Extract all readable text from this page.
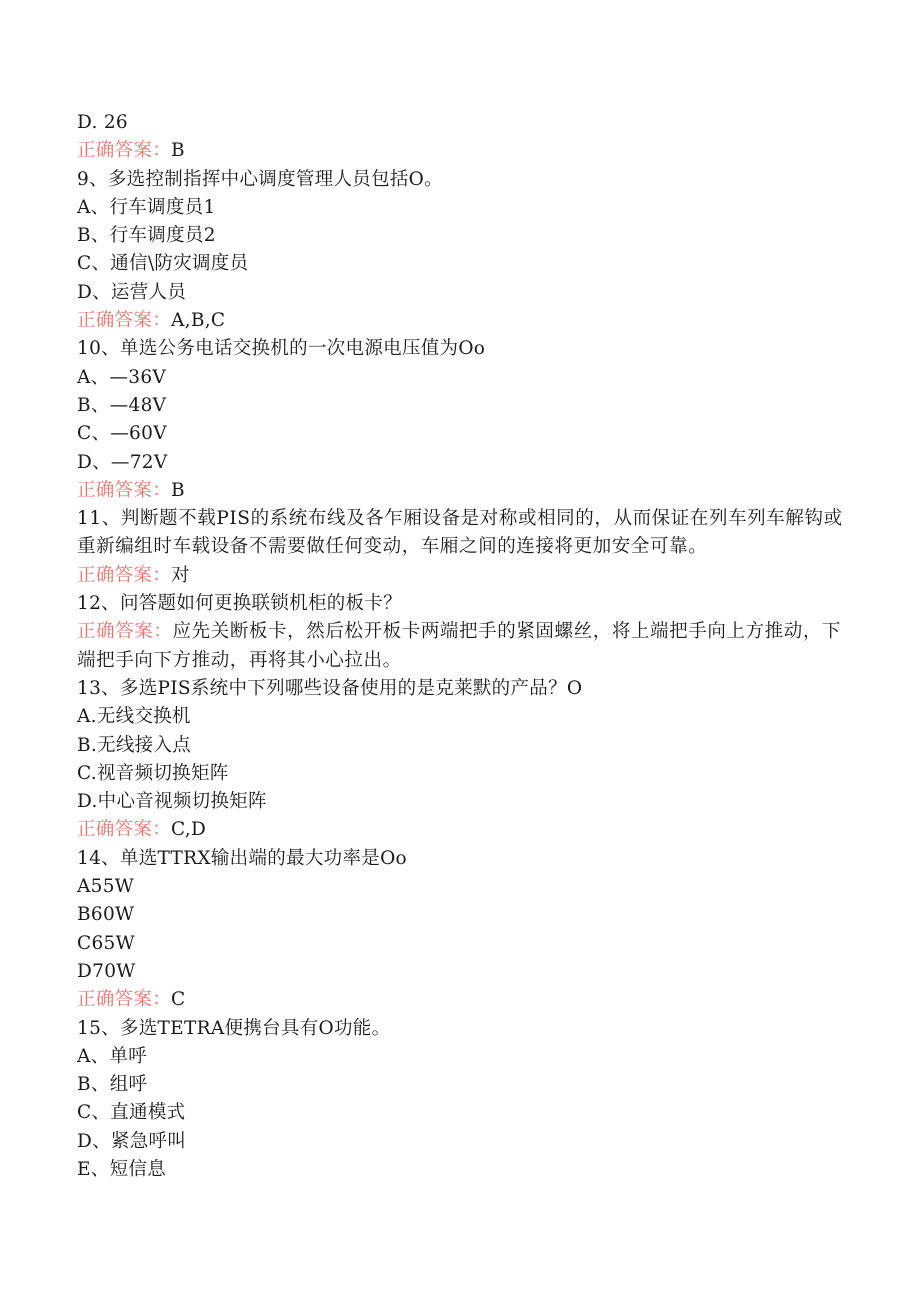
D. 26
正确答案：B
9、多选控制指挥中心调度管理人员包括O。
A、行车调度员1
B、行车调度员2
C、通信\防灾调度员
D、运营人员
正确答案：A,B,C
10、单选公务电话交换机的一次电源电压值为Oo
A、—36V
B、—48V
C、—60V
D、—72V
正确答案：B
11、判断题不载PIS的系统布线及各乍厢设备是对称或相同的，从而保证在列车列车解钩或重新编组时车载设备不需要做任何变动，车厢之间的连接将更加安全可靠。
正确答案：对
12、问答题如何更换联锁机柜的板卡？
正确答案：应先关断板卡，然后松开板卡两端把手的紧固螺丝，将上端把手向上方推动，下端把手向下方推动，再将其小心拉出。
13、多选PIS系统中下列哪些设备使用的是克莱默的产品？O
A.无线交换机
B.无线接入点
C.视音频切换矩阵
D.中心音视频切换矩阵
正确答案：C,D
14、单选TTRX输出端的最大功率是Oo
A55W
B60W
C65W
D70W
正确答案：C
15、多选TETRA便携台具有O功能。
A、单呼
B、组呼
C、直通模式
D、紧急呼叫
E、短信息
